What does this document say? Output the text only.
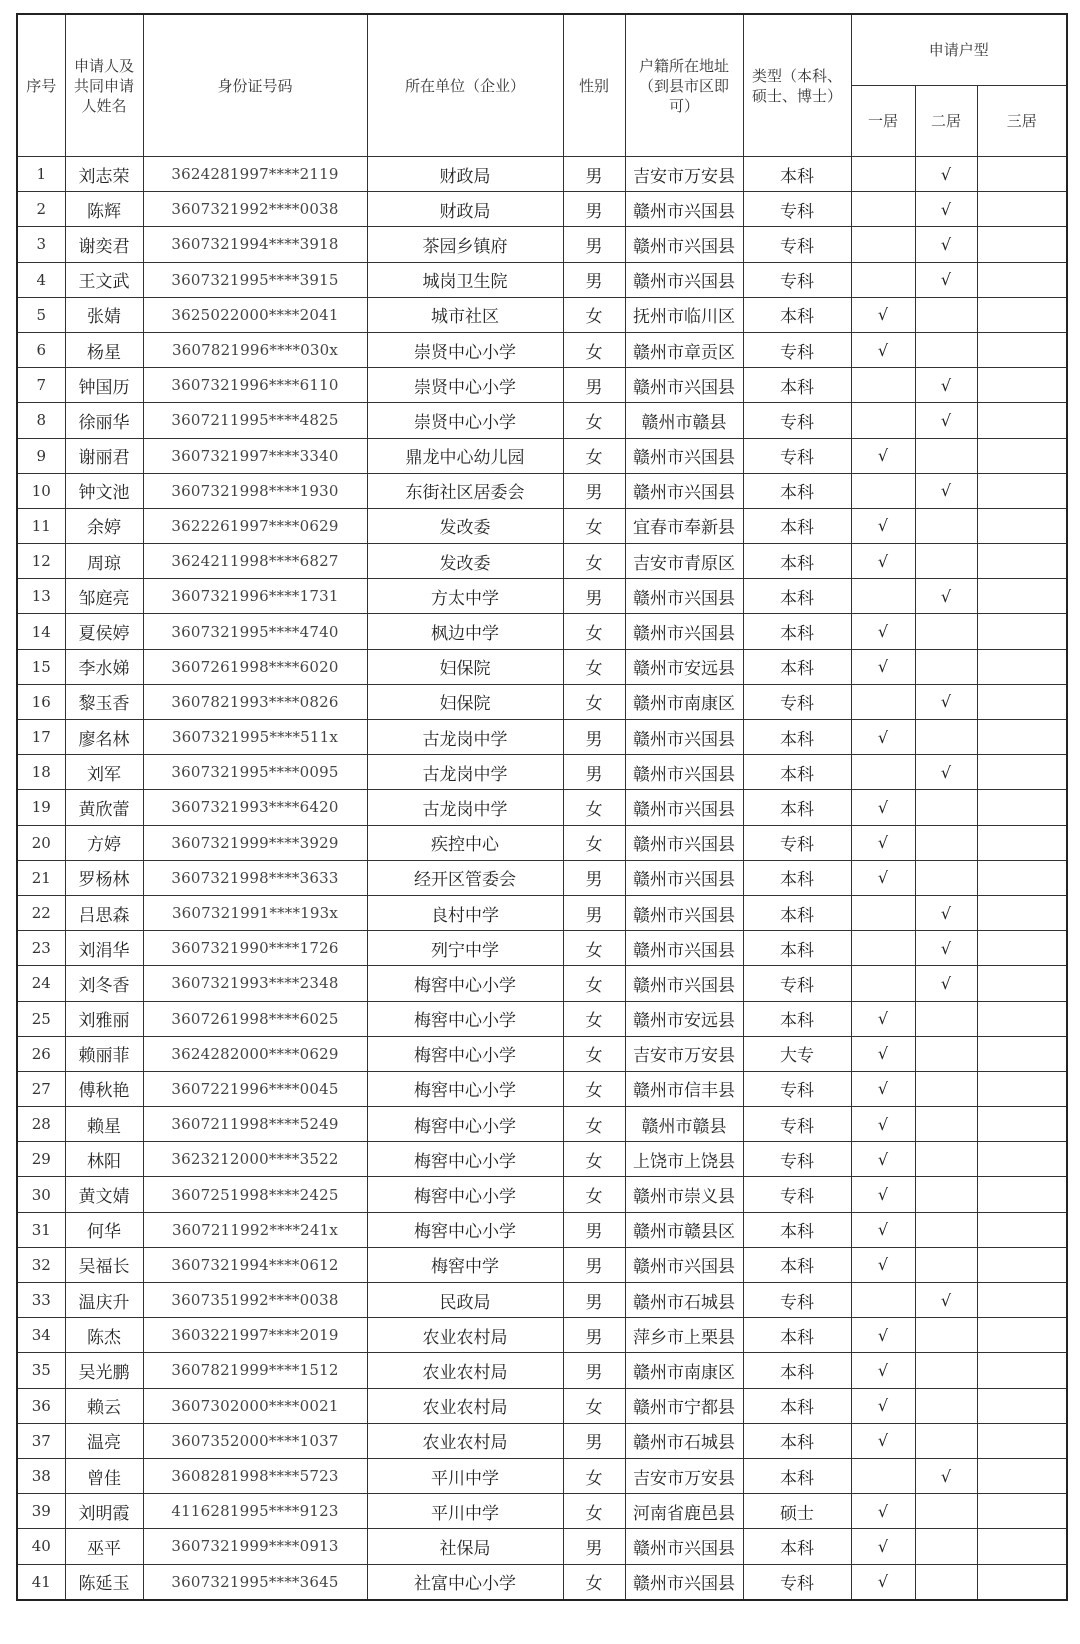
序号	申请人及共同申请人姓名	身份证号码	所在单位（企业）	性别	户籍所在地址（到县市区即可）	类型（本科、硕士、博士）	申请户型		
							一居	二居	三居
1	刘志荣	3624281997****2119	财政局	男	吉安市万安县	本科		√	
2	陈辉	3607321992****0038	财政局	男	赣州市兴国县	专科		√	
3	谢奕君	3607321994****3918	茶园乡镇府	男	赣州市兴国县	专科		√	
4	王文武	3607321995****3915	城岗卫生院	男	赣州市兴国县	专科		√	
5	张婧	3625022000****2041	城市社区	女	抚州市临川区	本科	√		
6	杨星	3607821996****030x	崇贤中心小学	女	赣州市章贡区	专科	√		
7	钟国历	3607321996****6110	崇贤中心小学	男	赣州市兴国县	本科		√	
8	徐丽华	3607211995****4825	崇贤中心小学	女	赣州市赣县	专科		√	
9	谢丽君	3607321997****3340	鼎龙中心幼儿园	女	赣州市兴国县	专科	√		
10	钟文池	3607321998****1930	东街社区居委会	男	赣州市兴国县	本科		√	
11	余婷	3622261997****0629	发改委	女	宜春市奉新县	本科	√		
12	周琼	3624211998****6827	发改委	女	吉安市青原区	本科	√		
13	邹庭亮	3607321996****1731	方太中学	男	赣州市兴国县	本科		√	
14	夏侯婷	3607321995****4740	枫边中学	女	赣州市兴国县	本科	√		
15	李水娣	3607261998****6020	妇保院	女	赣州市安远县	本科	√		
16	黎玉香	3607821993****0826	妇保院	女	赣州市南康区	专科		√	
17	廖名林	3607321995****511x	古龙岗中学	男	赣州市兴国县	本科	√		
18	刘军	3607321995****0095	古龙岗中学	男	赣州市兴国县	本科		√	
19	黄欣蕾	3607321993****6420	古龙岗中学	女	赣州市兴国县	本科	√		
20	方婷	3607321999****3929	疾控中心	女	赣州市兴国县	专科	√		
21	罗杨林	3607321998****3633	经开区管委会	男	赣州市兴国县	本科	√		
22	吕思森	3607321991****193x	良村中学	男	赣州市兴国县	本科		√	
23	刘涓华	3607321990****1726	列宁中学	女	赣州市兴国县	本科		√	
24	刘冬香	3607321993****2348	梅窖中心小学	女	赣州市兴国县	专科		√	
25	刘雅丽	3607261998****6025	梅窖中心小学	女	赣州市安远县	本科	√		
26	赖丽菲	3624282000****0629	梅窖中心小学	女	吉安市万安县	大专	√		
27	傅秋艳	3607221996****0045	梅窖中心小学	女	赣州市信丰县	专科	√		
28	赖星	3607211998****5249	梅窖中心小学	女	赣州市赣县	专科	√		
29	林阳	3623212000****3522	梅窖中心小学	女	上饶市上饶县	专科	√		
30	黄文婧	3607251998****2425	梅窖中心小学	女	赣州市崇义县	专科	√		
31	何华	3607211992****241x	梅窖中心小学	男	赣州市赣县区	本科	√		
32	吴福长	3607321994****0612	梅窖中学	男	赣州市兴国县	本科	√		
33	温庆升	3607351992****0038	民政局	男	赣州市石城县	专科		√	
34	陈杰	3603221997****2019	农业农村局	男	萍乡市上栗县	本科	√		
35	吴光鹏	3607821999****1512	农业农村局	男	赣州市南康区	本科	√		
36	赖云	3607302000****0021	农业农村局	女	赣州市宁都县	本科	√		
37	温亮	3607352000****1037	农业农村局	男	赣州市石城县	本科	√		
38	曾佳	3608281998****5723	平川中学	女	吉安市万安县	本科		√	
39	刘明霞	4116281995****9123	平川中学	女	河南省鹿邑县	硕士	√		
40	巫平	3607321999****0913	社保局	男	赣州市兴国县	本科	√		
41	陈延玉	3607321995****3645	社富中心小学	女	赣州市兴国县	专科	√		
